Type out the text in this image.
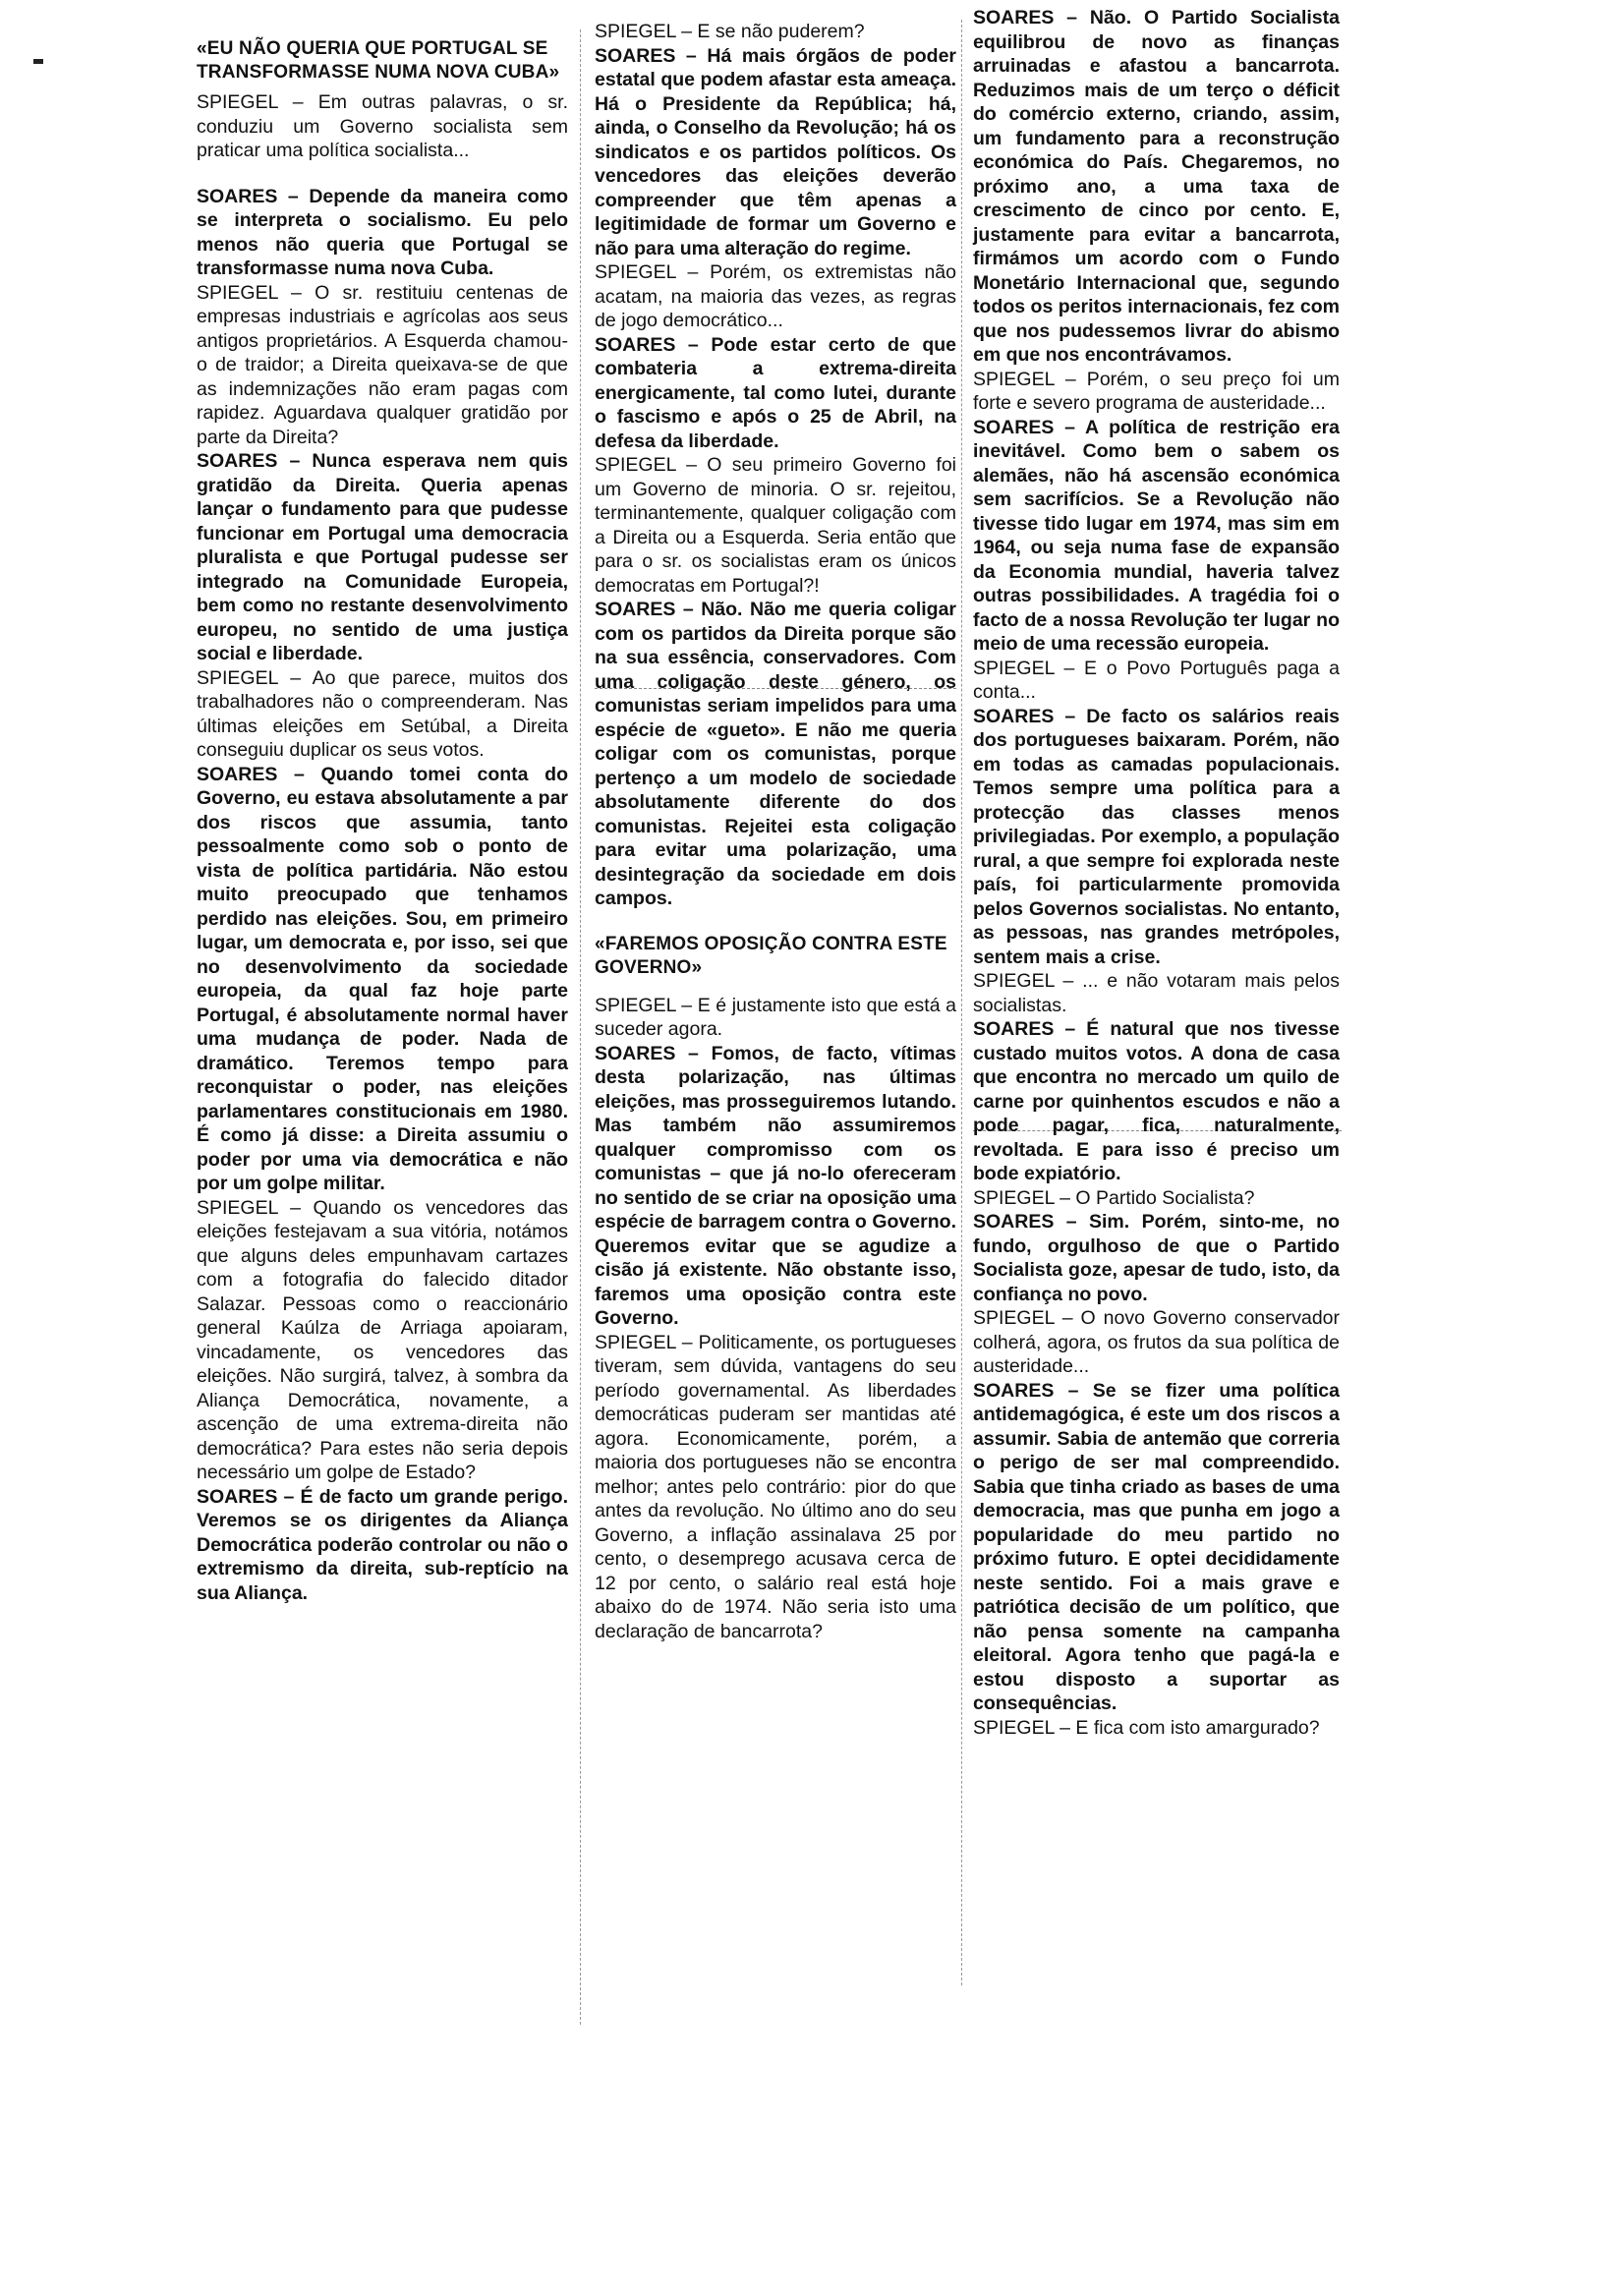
«EU NÃO QUERIA QUE PORTUGAL SE TRANSFORMASSE NUMA NOVA CUBA»

SPIEGEL – Em outras palavras, o sr. conduziu um Governo socialista sem praticar uma política socialista...

SOARES – Depende da maneira como se interpreta o socialismo. Eu pelo menos não queria que Portugal se transformasse numa nova Cuba.

SPIEGEL – O sr. restituiu centenas de empresas industriais e agrícolas aos seus antigos proprietários. A Esquerda chamou-o de traidor; a Direita queixava-se de que as indemnizações não eram pagas com rapidez. Aguardava qualquer gratidão por parte da Direita?

SOARES – Nunca esperava nem quis gratidão da Direita. Queria apenas lançar o fundamento para que pudesse funcionar em Portugal uma democracia pluralista e que Portugal pudesse ser integrado na Comunidade Europeia, bem como no restante desenvolvimento europeu, no sentido de uma justiça social e liberdade.

SPIEGEL – Ao que parece, muitos dos trabalhadores não o compreenderam. Nas últimas eleições em Setúbal, a Direita conseguiu duplicar os seus votos.

SOARES – Quando tomei conta do Governo, eu estava absolutamente a par dos riscos que assumia, tanto pessoalmente como sob o ponto de vista de política partidária. Não estou muito preocupado que tenhamos perdido nas eleições. Sou, em primeiro lugar, um democrata e, por isso, sei que no desenvolvimento da sociedade europeia, da qual faz hoje parte Portugal, é absolutamente normal haver uma mudança de poder. Nada de dramático. Teremos tempo para reconquistar o poder, nas eleições parlamentares constitucionais em 1980. É como já disse: a Direita assumiu o poder por uma via democrática e não por um golpe militar.

SPIEGEL – Quando os vencedores das eleições festejavam a sua vitória, notámos que alguns deles empunhavam cartazes com a fotografia do falecido ditador Salazar. Pessoas como o reaccionário general Kaúlza de Arriaga apoiaram, vincadamente, os vencedores das eleições. Não surgirá, talvez, à sombra da Aliança Democrática, novamente, a ascenção de uma extrema-direita não democrática? Para estes não seria depois necessário um golpe de Estado?

SOARES – É de facto um grande perigo. Veremos se os dirigentes da Aliança Democrática poderão controlar ou não o extremismo da direita, sub-reptício na sua Aliança.

SPIEGEL – E se não puderem?

SOARES – Há mais órgãos de poder estatal que podem afastar esta ameaça. Há o Presidente da República; há, ainda, o Conselho da Revolução; há os sindicatos e os partidos políticos. Os vencedores das eleições deverão compreender que têm apenas a legitimidade de formar um Governo e não para uma alteração do regime.

SPIEGEL – Porém, os extremistas não acatam, na maioria das vezes, as regras de jogo democrático...

SOARES – Pode estar certo de que combateria a extrema-direita energicamente, tal como lutei, durante o fascismo e após o 25 de Abril, na defesa da liberdade.

SPIEGEL – O seu primeiro Governo foi um Governo de minoria. O sr. rejeitou, terminantemente, qualquer coligação com a Direita ou a Esquerda. Seria então que para o sr. os socialistas eram os únicos democratas em Portugal?!

SOARES – Não. Não me queria coligar com os partidos da Direita porque são na sua essência, conservadores. Com uma coligação deste género, os comunistas seriam impelidos para uma espécie de «gueto». E não me queria coligar com os comunistas, porque pertenço a um modelo de sociedade absolutamente diferente do dos comunistas. Rejeitei esta coligação para evitar uma polarização, uma desintegração da sociedade em dois campos.

«FAREMOS OPOSIÇÃO CONTRA ESTE GOVERNO»

SPIEGEL – E é justamente isto que está a suceder agora.

SOARES – Fomos, de facto, vítimas desta polarização, nas últimas eleições, mas prosseguiremos lutando. Mas também não assumiremos qualquer compromisso com os comunistas – que já no-lo ofereceram no sentido de se criar na oposição uma espécie de barragem contra o Governo. Queremos evitar que se agudize a cisão já existente. Não obstante isso, faremos uma oposição contra este Governo.

SPIEGEL – Politicamente, os portugueses tiveram, sem dúvida, vantagens do seu período governamental. As liberdades democráticas puderam ser mantidas até agora. Economicamente, porém, a maioria dos portugueses não se encontra melhor; antes pelo contrário: pior do que antes da revolução. No último ano do seu Governo, a inflação assinalava 25 por cento, o desemprego acusava cerca de 12 por cento, o salário real está hoje abaixo do de 1974. Não seria isto uma declaração de bancarrota?

SOARES – Não. O Partido Socialista equilibrou de novo as finanças arruinadas e afastou a bancarrota. Reduzimos mais de um terço o déficit do comércio externo, criando, assim, um fundamento para a reconstrução económica do País. Chegaremos, no próximo ano, a uma taxa de crescimento de cinco por cento. E, justamente para evitar a bancarrota, firmámos um acordo com o Fundo Monetário Internacional que, segundo todos os peritos internacionais, fez com que nos pudessemos livrar do abismo em que nos encontrávamos.

SPIEGEL – Porém, o seu preço foi um forte e severo programa de austeridade...

SOARES – A política de restrição era inevitável. Como bem o sabem os alemães, não há ascensão económica sem sacrifícios. Se a Revolução não tivesse tido lugar em 1974, mas sim em 1964, ou seja numa fase de expansão da Economia mundial, haveria talvez outras possibilidades. A tragédia foi o facto de a nossa Revolução ter lugar no meio de uma recessão europeia.

SPIEGEL – E o Povo Português paga a conta...

SOARES – De facto os salários reais dos portugueses baixaram. Porém, não em todas as camadas populacionais. Temos sempre uma política para a protecção das classes menos privilegiadas. Por exemplo, a população rural, a que sempre foi explorada neste país, foi particularmente promovida pelos Governos socialistas. No entanto, as pessoas, nas grandes metrópoles, sentem mais a crise.

SPIEGEL – ... e não votaram mais pelos socialistas.

SOARES – É natural que nos tivesse custado muitos votos. A dona de casa que encontra no mercado um quilo de carne por quinhentos escudos e não a pode pagar, fica, naturalmente, revoltada. E para isso é preciso um bode expiatório.

SPIEGEL – O Partido Socialista?

SOARES – Sim. Porém, sinto-me, no fundo, orgulhoso de que o Partido Socialista goze, apesar de tudo, isto, da confiança no povo.

SPIEGEL – O novo Governo conservador colherá, agora, os frutos da sua política de austeridade...

SOARES – Se se fizer uma política antidemagógica, é este um dos riscos a assumir. Sabia de antemão que correria o perigo de ser mal compreendido. Sabia que tinha criado as bases de uma democracia, mas que punha em jogo a popularidade do meu partido no próximo futuro. E optei decididamente neste sentido. Foi a mais grave e patriótica decisão de um político, que não pensa somente na campanha eleitoral. Agora tenho que pagá-la e estou disposto a suportar as consequências.

SPIEGEL – E fica com isto amargurado?
